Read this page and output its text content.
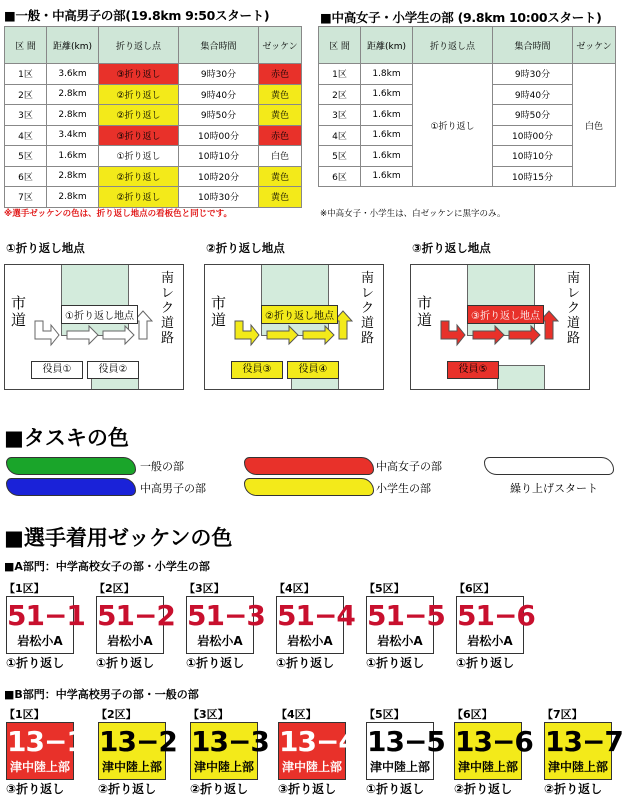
■一般・中高男子の部(19.8km 9:50スタート)	■中高女子・小学生の部 (9.8km 10:00スタート)
区 間	距離(km)	折り返し点	集合時間	ゼッケン
1区	3.6km	③折り返し	9時30分	赤色
2区	2.8km	②折り返し	9時40分	黄色
3区	2.8km	②折り返し	9時50分	黄色
4区	3.4km	③折り返し	10時00分	赤色
5区	1.6km	①折り返し	10時10分	白色
6区	2.8km	②折り返し	10時20分	黄色
7区	2.8km	②折り返し	10時30分	黄色
※選手ゼッケンの色は、折り返し地点の看板色と同じです。
区 間	距離(km)	折り返し点	集合時間	ゼッケン
1区	1.8km	①折り返し	9時30分	白色
2区	1.6km		9時40分	
3区	1.6km		9時50分	
4区	1.6km		10時00分	
5区	1.6km		10時10分	
6区	1.6km		10時15分	
※中高女子・小学生は、白ゼッケンに黒字のみ。
①折り返し地点
①折り返し地点
市道
南レク道路
役員①	役員②
②折り返し地点
②折り返し地点
市道
南レク道路
役員③	役員④
③折り返し地点
③折り返し地点
市道
南レク道路
役員⑤
■タスキの色
一般の部
中高男子の部
中高女子の部
小学生の部	繰り上げスタート
■選手着用ゼッケンの色
■A部門：中学高校女子の部・小学生の部
【1区】
51−1
岩松小A
①折り返し
【2区】
51−2
岩松小A
①折り返し
【3区】
51−3
岩松小A
①折り返し
【4区】
51−4
岩松小A
①折り返し
【5区】
51−5
岩松小A
①折り返し
【6区】
51−6
岩松小A
①折り返し
■B部門：中学高校男子の部・一般の部
【1区】
13−1
津中陸上部
③折り返し
【2区】
13−2
津中陸上部
②折り返し
【3区】
13−3
津中陸上部
②折り返し
【4区】
13−4
津中陸上部
③折り返し
【5区】
13−5
津中陸上部
①折り返し
【6区】
13−6
津中陸上部
②折り返し
【7区】
13−7
津中陸上部
②折り返し
